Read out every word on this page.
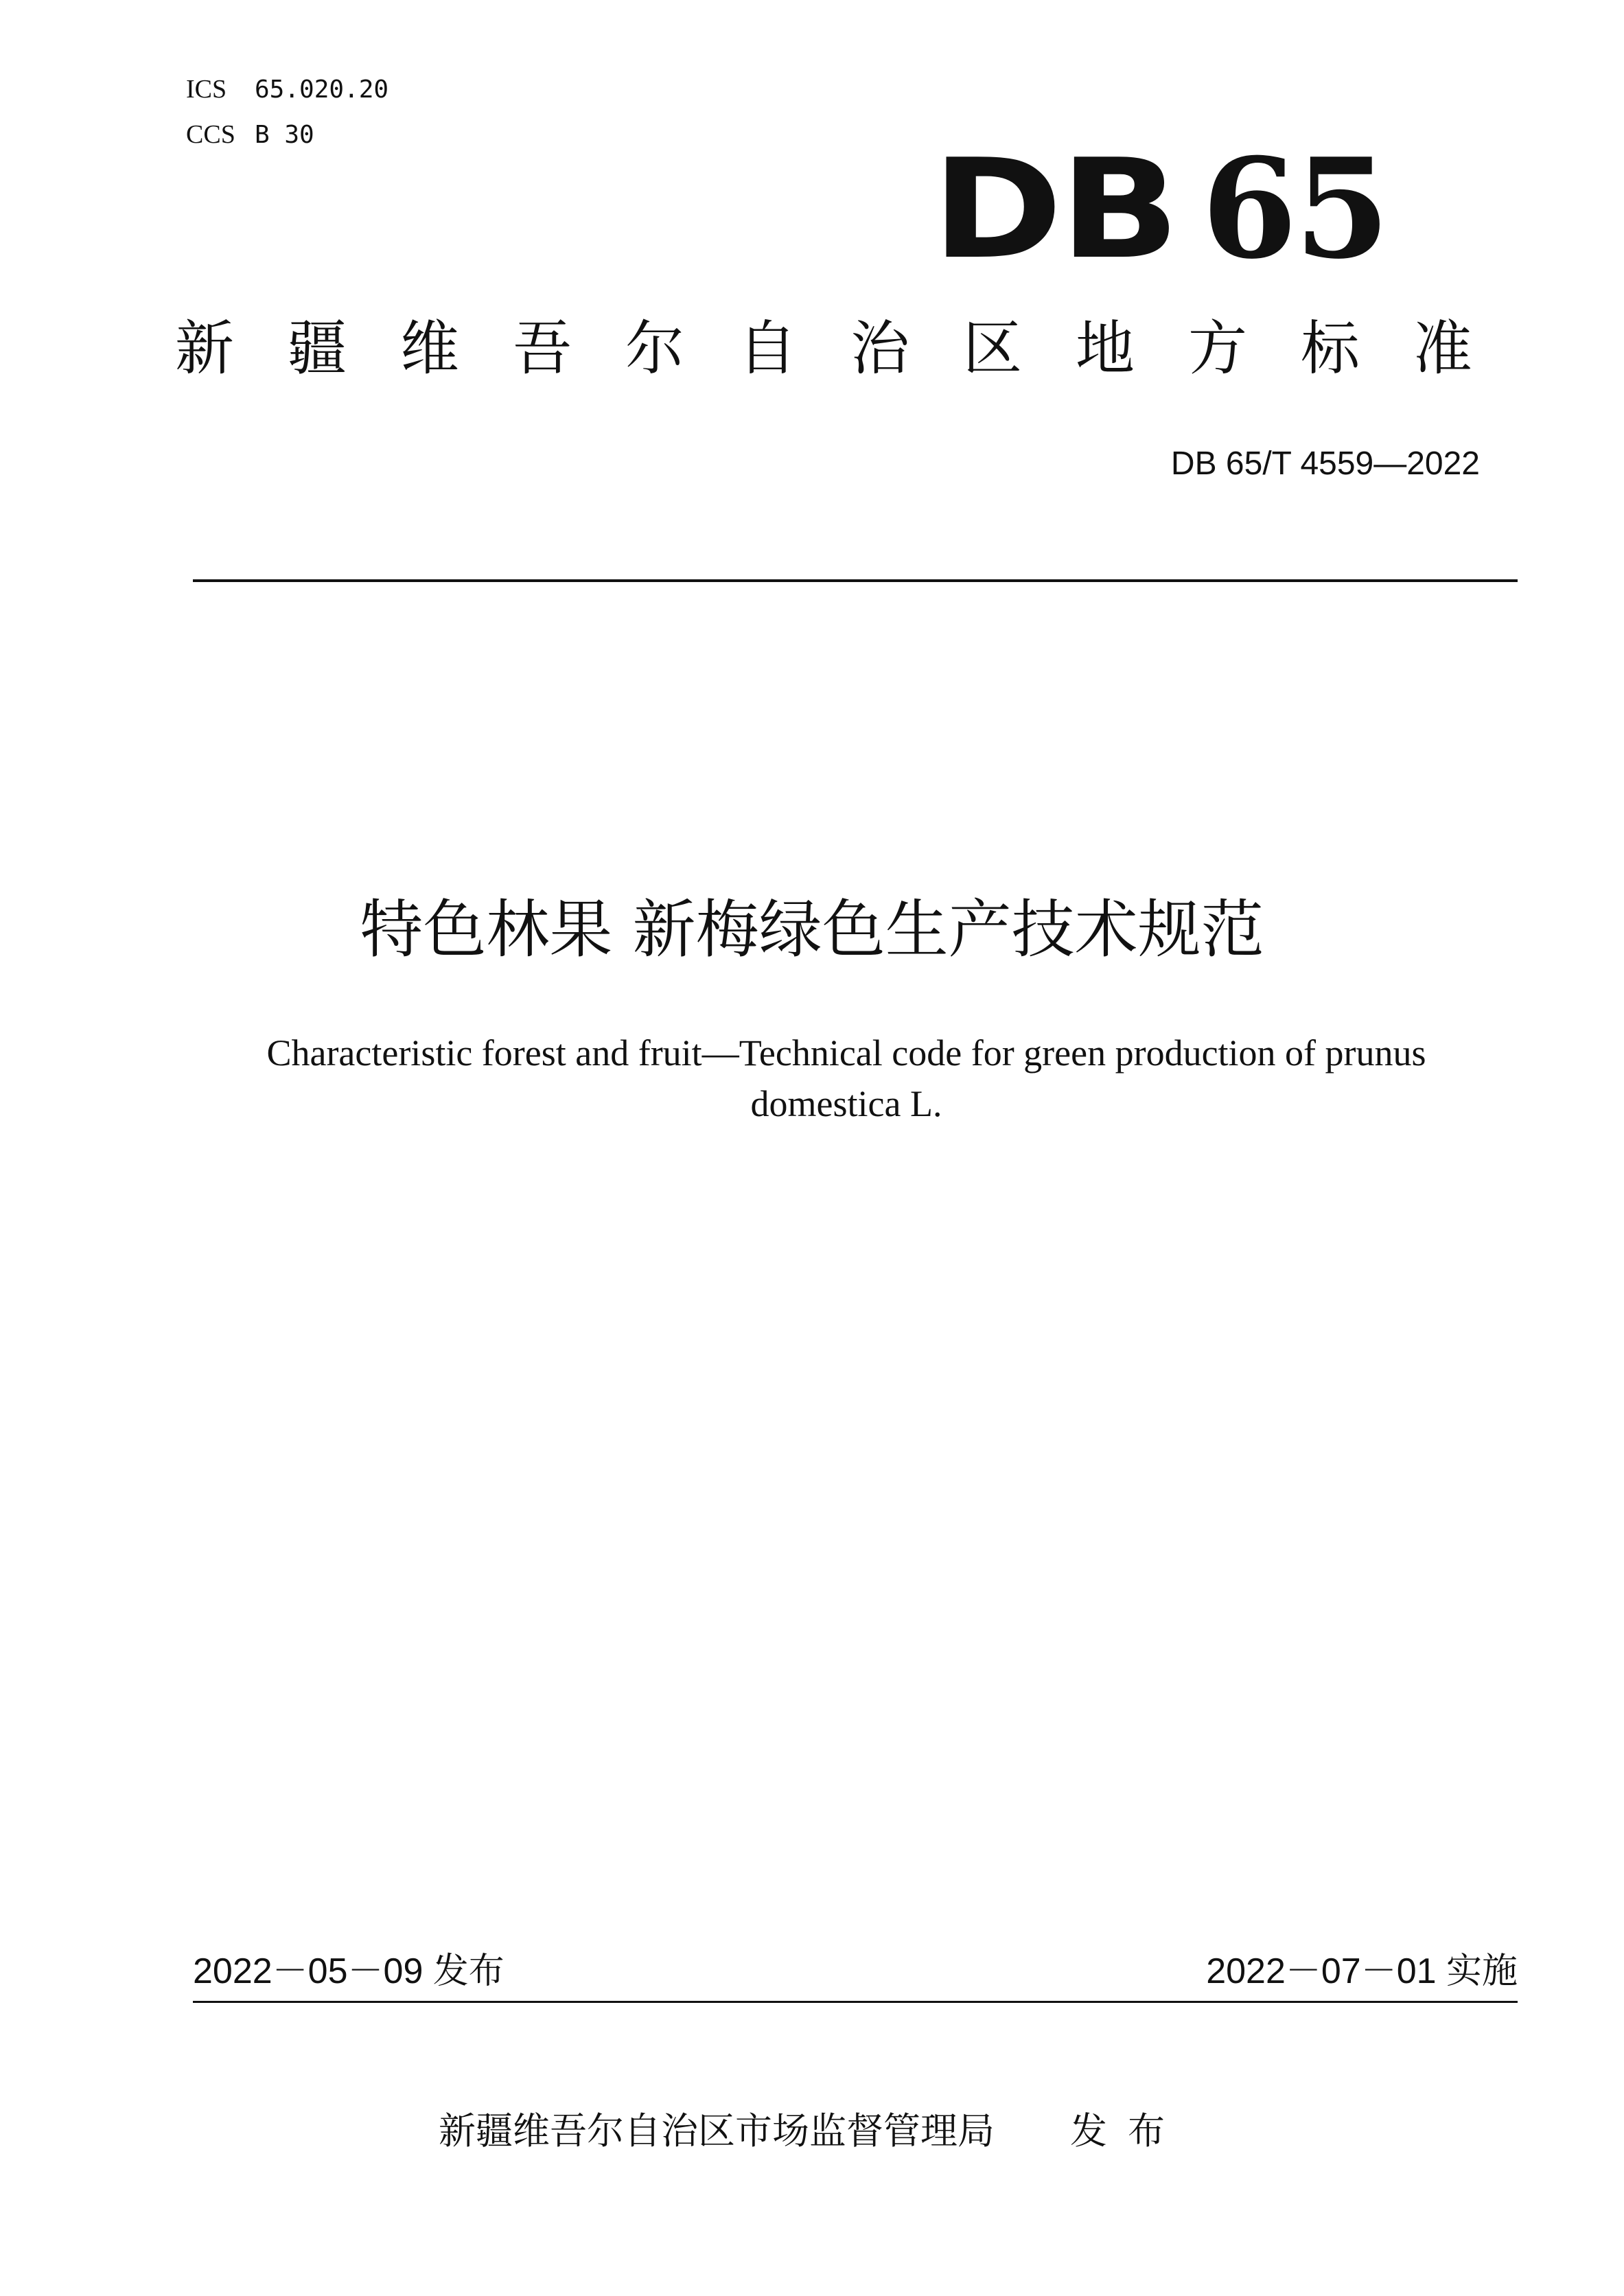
ICS 65.020.20
CCS B 30	DB 65
新疆维吾尔自治区地方标准
DB 65/T 4559—2022
特色林果 新梅绿色生产技术规范
Characteristic forest and fruit—Technical code for green production of prunus domestica L.
2022－05－09 发布	2022－07－01 实施
新疆维吾尔自治区市场监督管理局 发布
